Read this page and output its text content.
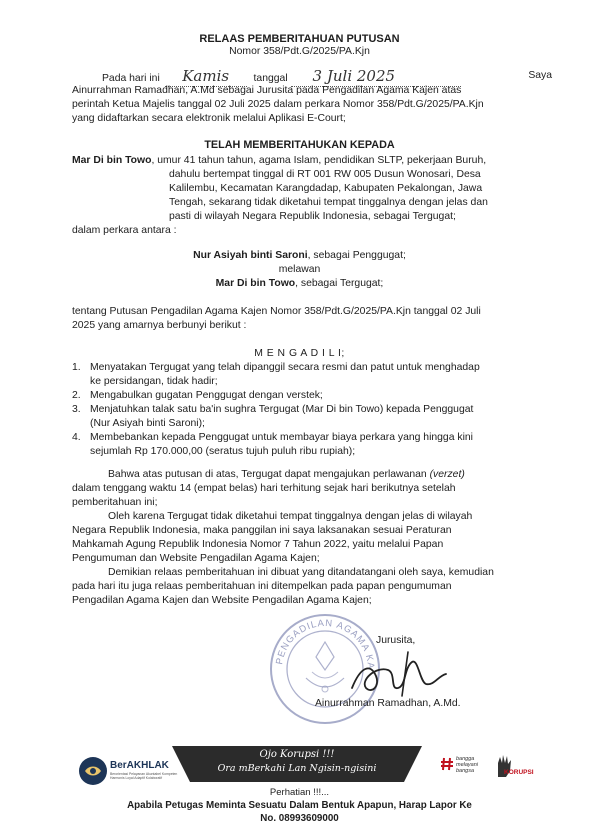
RELAAS PEMBERITAHUAN PUTUSAN
Nomor 358/Pdt.G/2025/PA.Kjn
Pada hari ini Kamis tanggal 3 Juli 2025	Saya
Ainurrahman Ramadhan, A.Md sebagai Jurusita pada Pengadilan Agama Kajen atas
perintah Ketua Majelis tanggal 02 Juli 2025 dalam perkara Nomor 358/Pdt.G/2025/PA.Kjn
yang didaftarkan secara elektronik melalui Aplikasi E-Court;
TELAH MEMBERITAHUKAN KEPADA
Mar Di bin Towo, umur 41 tahun tahun, agama Islam, pendidikan SLTP, pekerjaan Buruh,
dahulu bertempat tinggal di RT 001 RW 005 Dusun Wonosari, Desa
Kalilembu, Kecamatan Karangdadap, Kabupaten Pekalongan, Jawa
Tengah, sekarang tidak diketahui tempat tinggalnya dengan jelas dan
pasti di wilayah Negara Republik Indonesia, sebagai Tergugat;
dalam perkara antara :
Nur Asiyah binti Saroni, sebagai Penggugat;
melawan
Mar Di bin Towo, sebagai Tergugat;
tentang Putusan Pengadilan Agama Kajen Nomor 358/Pdt.G/2025/PA.Kjn tanggal 02 Juli
2025 yang amarnya berbunyi berikut :
M E N G A D I L I;
1. Menyatakan Tergugat yang telah dipanggil secara resmi dan patut untuk menghadap
ke persidangan, tidak hadir;
2. Mengabulkan gugatan Penggugat dengan verstek;
3. Menjatuhkan talak satu ba'in sughra Tergugat (Mar Di bin Towo) kepada Penggugat
(Nur Asiyah binti Saroni);
4. Membebankan kepada Penggugat untuk membayar biaya perkara yang hingga kini
sejumlah Rp 170.000,00 (seratus tujuh puluh ribu rupiah);
Bahwa atas putusan di atas, Tergugat dapat mengajukan perlawanan (verzet)
dalam tenggang waktu 14 (empat belas) hari terhitung sejak hari berikutnya setelah
pemberitahuan ini;
Oleh karena Tergugat tidak diketahui tempat tinggalnya dengan jelas di wilayah
Negara Republik Indonesia, maka panggilan ini saya laksanakan sesuai Peraturan
Mahkamah Agung Republik Indonesia Nomor 7 Tahun 2022, yaitu melalui Papan
Pengumuman dan Website Pengadilan Agama Kajen;
Demikian relaas pemberitahuan ini dibuat yang ditandatangani oleh saya, kemudian
pada hari itu juga relaas pemberitahuan ini ditempelkan pada papan pengumuman
Pengadilan Agama Kajen dan Website Pengadilan Agama Kajen;
PENGADILAN AGAMA KA
Jurusita,
Ainurrahman Ramadhan, A.Md.
BerAKHLAK
Berorientasi Pelayanan Akuntabel Kompeten Harmonis Loyal Adaptif Kolaboratif
Ojo Korupsi !!!
Ora mBerkahi Lan Ngisin-ngisini
bangga melayani bangsa	KORUPSI
Perhatian !!!...
Apabila Petugas Meminta Sesuatu Dalam Bentuk Apapun, Harap Lapor Ke
No. 08993609000
